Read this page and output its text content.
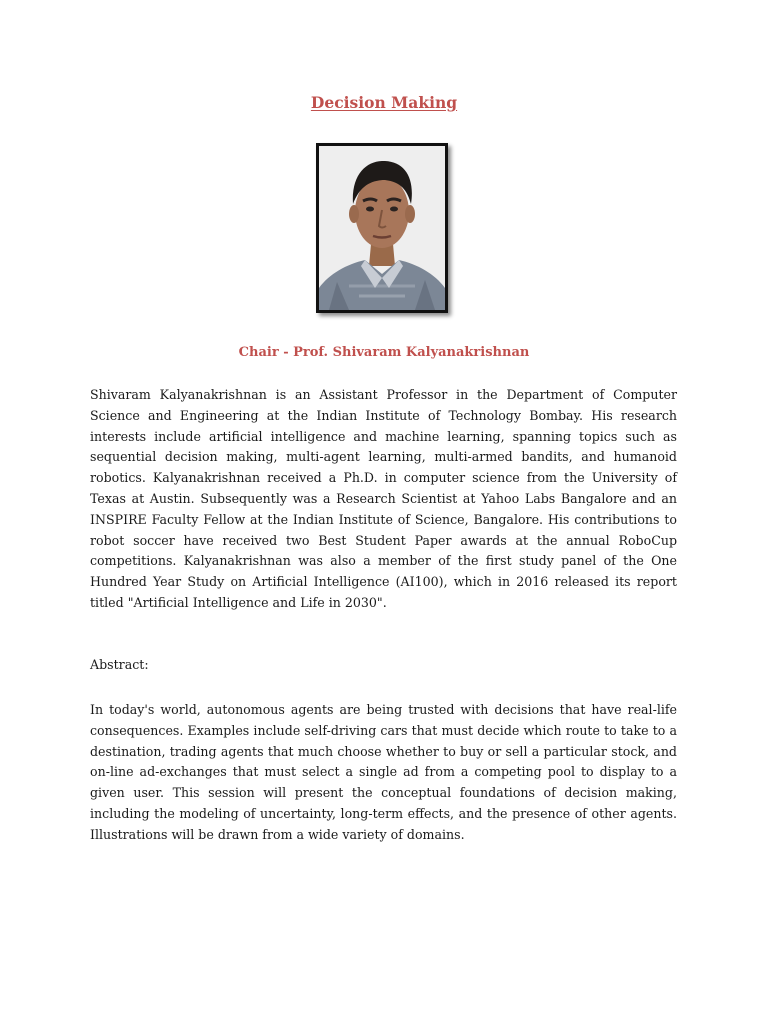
Decision Making

Chair - Prof. Shivaram Kalyanakrishnan

Shivaram Kalyanakrishnan is an Assistant Professor in the Department of Computer Science and Engineering at the Indian Institute of Technology Bombay. His research interests include artificial intelligence and machine learning, spanning topics such as sequential decision making, multi-agent learning, multi-armed bandits, and humanoid robotics. Kalyanakrishnan received a Ph.D. in computer science from the University of Texas at Austin. Subsequently was a Research Scientist at Yahoo Labs Bangalore and an INSPIRE Faculty Fellow at the Indian Institute of Science, Bangalore. His contributions to robot soccer have received two Best Student Paper awards at the annual RoboCup competitions. Kalyanakrishnan was also a member of the first study panel of the One Hundred Year Study on Artificial Intelligence (AI100), which in 2016 released its report titled "Artificial Intelligence and Life in 2030".

Abstract:

In today's world, autonomous agents are being trusted with decisions that have real-life consequences. Examples include self-driving cars that must decide which route to take to a destination, trading agents that much choose whether to buy or sell a particular stock, and on-line ad-exchanges that must select a single ad from a competing pool to display to a given user. This session will present the conceptual foundations of decision making, including the modeling of uncertainty, long-term effects, and the presence of other agents. Illustrations will be drawn from a wide variety of domains.
